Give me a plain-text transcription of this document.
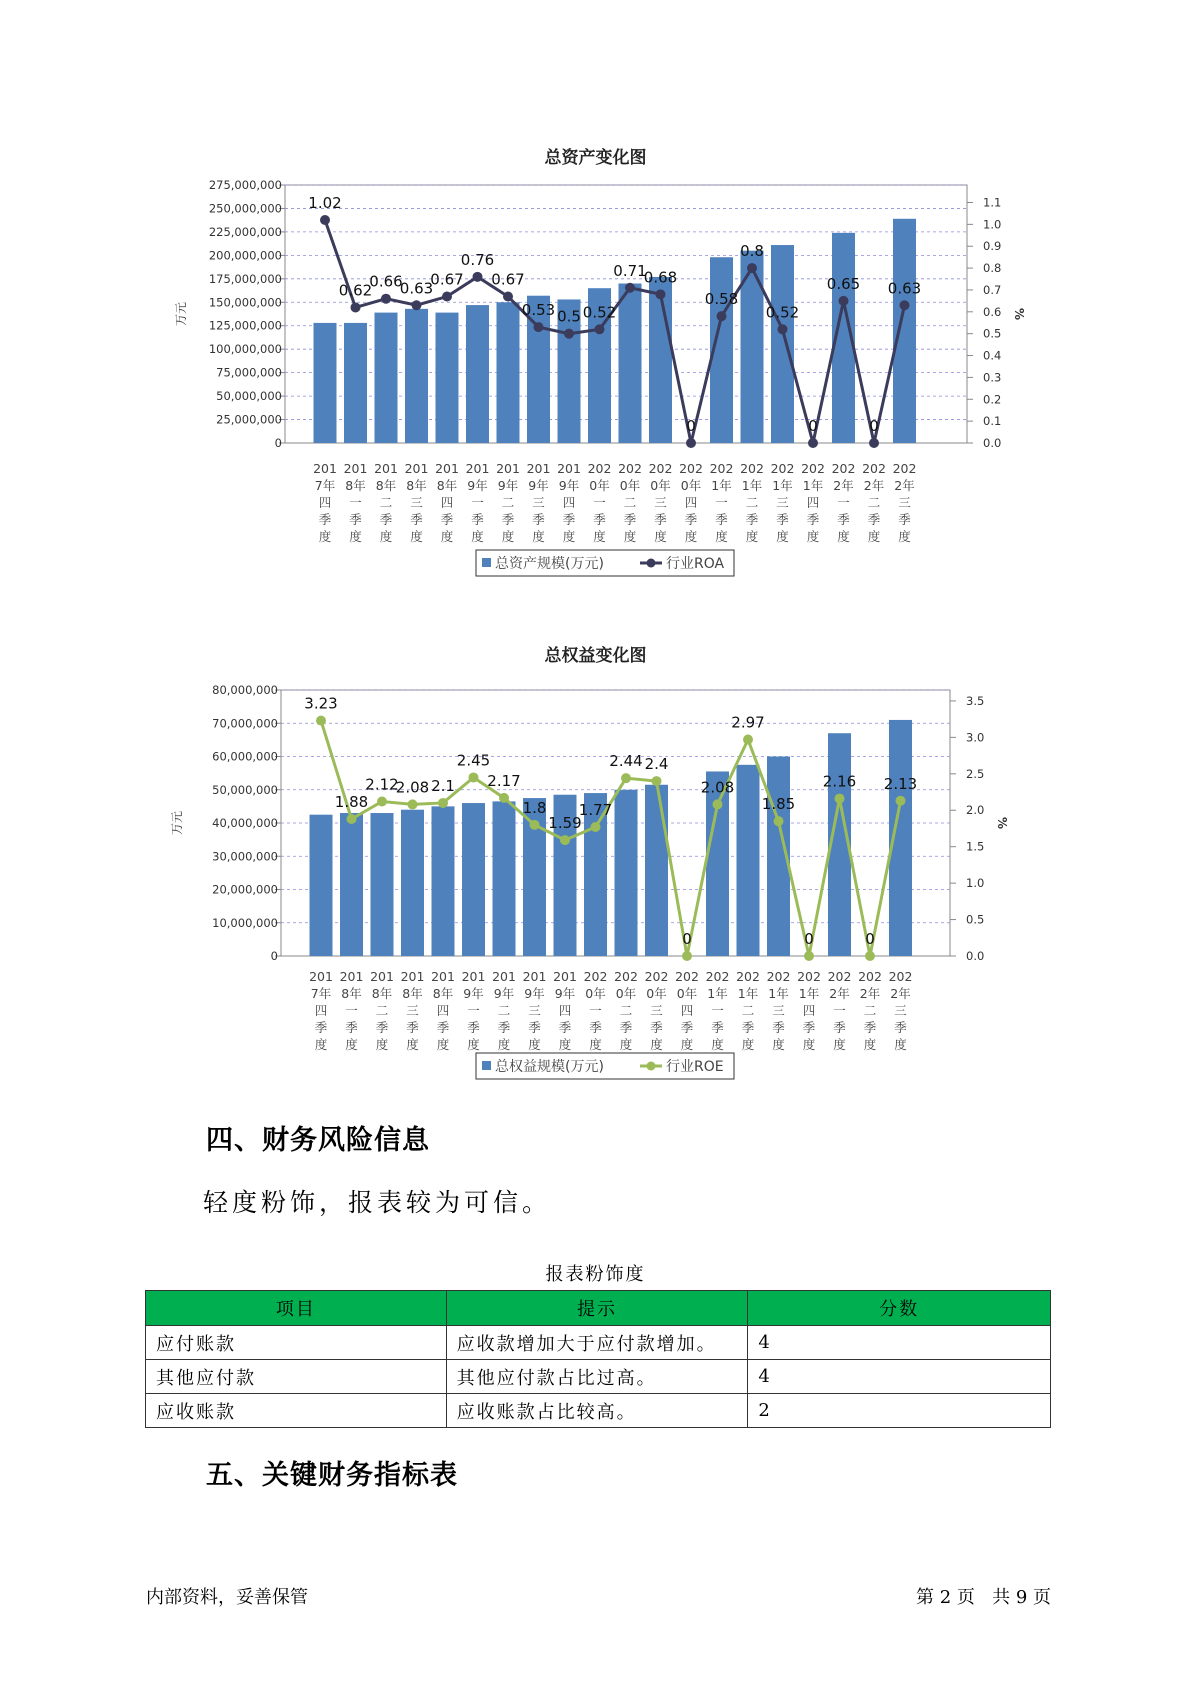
总资产变化图
0
25,000,000
50,000,000
75,000,000
100,000,000
125,000,000
150,000,000
175,000,000
200,000,000
225,000,000
250,000,000
275,000,000
0.0
0.1
0.2
0.3
0.4
0.5
0.6
0.7
0.8
0.9
1.0
1.1
万元	%
201 7年四季度
201 8年一季度
201 8年二季度
201 8年三季度
201 8年四季度
201 9年一季度
201 9年二季度
201 9年三季度
201 9年四季度
202 0年一季度
202 0年二季度
202 0年三季度
202 0年四季度
202 1年一季度
202 1年二季度
202 1年三季度
202 1年四季度
202 2年一季度
202 2年二季度
202 2年三季度
1.02
0.62
0.66
0.63
0.67
0.76
0.67
0.53 0.5 0.52
0.71
0.68
0
0.58
0.8
0.52
0
0.65
0
0.63
总资产规模(万元)	行业ROA
总权益变化图
0
10,000,000
20,000,000
30,000,000
40,000,000
50,000,000
60,000,000
70,000,000
80,000,000
0.0
0.5
1.0
1.5
2.0
2.5
3.0
3.5
万元	%
201 7年四季度
201 8年一季度
201 8年二季度
201 8年三季度
201 8年四季度
201 9年一季度
201 9年二季度
201 9年三季度
201 9年四季度
202 0年一季度
202 0年二季度
202 0年三季度
202 0年四季度
202 1年一季度
202 1年二季度
202 1年三季度
202 1年四季度
202 2年一季度
202 2年二季度
202 2年三季度
3.23
1.88
2.12
2.08 2.1
2.45
2.17
1.8
1.59
1.77
2.44 2.4
0
2.08
2.97
1.85
0
2.16
0
2.13
总权益规模(万元)	行业ROE
四、财务风险信息
轻度粉饰，报表较为可信。
报表粉饰度
项目	提示	分数
应付账款	应收款增加大于应付款增加。	4
其他应付款	其他应付款占比过高。	4
应收账款	应收账款占比较高。	2
五、关键财务指标表
内部资料，妥善保管	第 2 页   共 9 页
